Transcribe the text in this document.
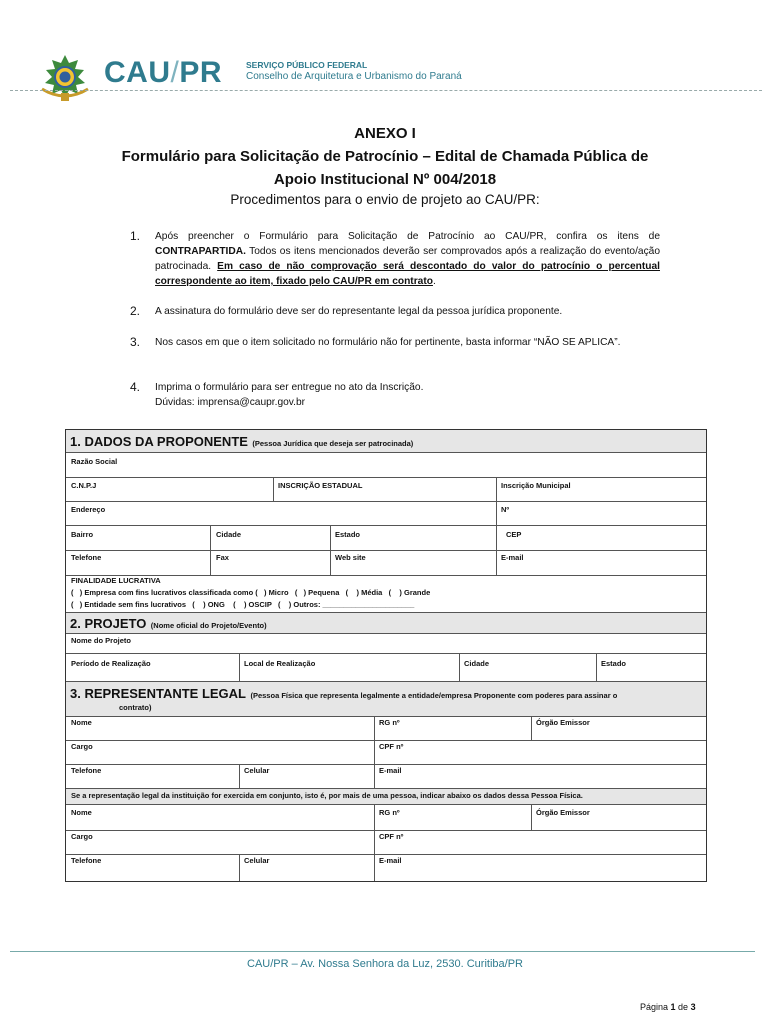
CAU/PR	SERVIÇO PÚBLICO FEDERAL
Conselho de Arquitetura e Urbanismo do Paraná
ANEXO I
Formulário para Solicitação de Patrocínio – Edital de Chamada Pública de
Apoio Institucional Nº 004/2018
Procedimentos para o envio de projeto ao CAU/PR:
1. Após preencher o Formulário para Solicitação de Patrocínio ao CAU/PR, confira os itens de CONTRAPARTIDA. Todos os itens mencionados deverão ser comprovados após a realização do evento/ação patrocinada. Em caso de não comprovação será descontado do valor do patrocínio o percentual correspondente ao item, fixado pelo CAU/PR em contrato.
2. A assinatura do formulário deve ser do representante legal da pessoa jurídica proponente.
3. Nos casos em que o item solicitado no formulário não for pertinente, basta informar “NÃO SE APLICA”.
4. Imprima o formulário para ser entregue no ato da Inscrição.
Dúvidas: imprensa@caupr.gov.br
1. DADOS DA PROPONENTE (Pessoa Jurídica que deseja ser patrocinada)
Razão Social
C.N.P.J	INSCRIÇÃO ESTADUAL	Inscrição Municipal
Endereço	Nº
Bairro	Cidade	Estado	CEP
Telefone	Fax	Web site	E-mail
FINALIDADE LUCRATIVA
(   ) Empresa com fins lucrativos classificada como (   ) Micro   (   ) Pequena   (    ) Média   (    ) Grande
(   ) Entidade sem fins lucrativos   (    ) ONG    (    ) OSCIP   (    ) Outros: ______________________
2. PROJETO (Nome oficial do Projeto/Evento)
Nome do Projeto
Período de Realização	Local de Realização	Cidade	Estado
3. REPRESENTANTE LEGAL (Pessoa Física que representa legalmente a entidade/empresa Proponente com poderes para assinar o
contrato)
Nome	RG nº	Órgão Emissor
Cargo	CPF nº
Telefone	Celular	E-mail
Se a representação legal da instituição for exercida em conjunto, isto é, por mais de uma pessoa, indicar abaixo os dados dessa Pessoa Física.
Nome	RG nº	Órgão Emissor
Cargo	CPF nº
Telefone	Celular	E-mail
CAU/PR – Av. Nossa Senhora da Luz, 2530. Curitiba/PR
Página 1 de 3
